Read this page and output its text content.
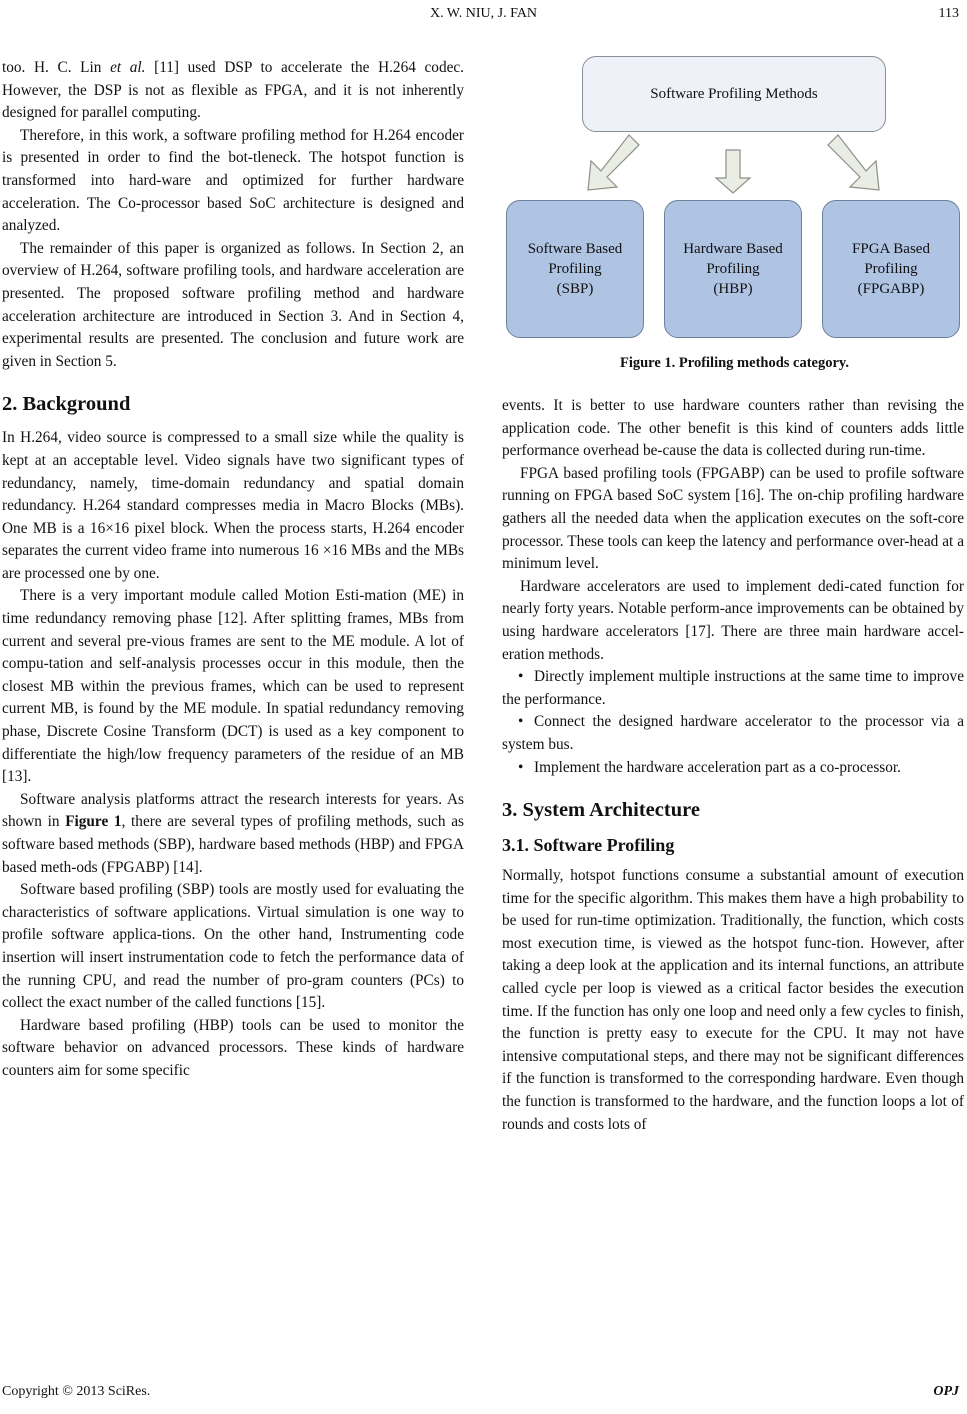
X. W. NIU, J. FAN	113

too. H. C. Lin et al. [11] used DSP to accelerate the H.264 codec. However, the DSP is not as flexible as FPGA, and it is not inherently designed for parallel computing.

Therefore, in this work, a software profiling method for H.264 encoder is presented in order to find the bot-tleneck. The hotspot function is transformed into hard-ware and optimized for further hardware acceleration. The Co-processor based SoC architecture is designed and analyzed.

The remainder of this paper is organized as follows. In Section 2, an overview of H.264, software profiling tools, and hardware acceleration are presented. The proposed software profiling method and hardware acceleration architecture are introduced in Section 3. And in Section 4, experimental results are presented. The conclusion and future work are given in Section 5.

2. Background

In H.264, video source is compressed to a small size while the quality is kept at an acceptable level. Video signals have two significant types of redundancy, namely, time-domain redundancy and spatial domain redundancy. H.264 standard compresses media in Macro Blocks (MBs). One MB is a 16×16 pixel block. When the process starts, H.264 encoder separates the current video frame into numerous 16 ×16 MBs and the MBs are processed one by one.

There is a very important module called Motion Esti-mation (ME) in time redundancy removing phase [12]. After splitting frames, MBs from current and several pre-vious frames are sent to the ME module. A lot of compu-tation and self-analysis processes occur in this module, then the closest MB within the previous frames, which can be used to represent current MB, is found by the ME module. In spatial redundancy removing phase, Discrete Cosine Transform (DCT) is used as a key component to differentiate the high/low frequency parameters of the residue of an MB [13].

Software analysis platforms attract the research interests for years. As shown in Figure 1, there are several types of profiling methods, such as software based methods (SBP), hardware based methods (HBP) and FPGA based meth-ods (FPGABP) [14].

Software based profiling (SBP) tools are mostly used for evaluating the characteristics of software applications. Virtual simulation is one way to profile software applica-tions. On the other hand, Instrumenting code insertion will insert instrumentation code to fetch the performance data of the running CPU, and read the number of pro-gram counters (PCs) to collect the exact number of the called functions [15].

Hardware based profiling (HBP) tools can be used to monitor the software behavior on advanced processors. These kinds of hardware counters aim for some specific

Software Profiling Methods
Software Based
Profiling
(SBP)
Hardware Based
Profiling
(HBP)
FPGA Based
Profiling
(FPGABP)
Figure 1. Profiling methods category.

events. It is better to use hardware counters rather than revising the application code. The other benefit is this kind of counters adds little performance overhead be-cause the data is collected during run-time.

FPGA based profiling tools (FPGABP) can be used to profile software running on FPGA based SoC system [16]. The on-chip profiling hardware gathers all the needed data when the application executes on the soft-core processor. These tools can keep the latency and performance over-head at a minimum level.

Hardware accelerators are used to implement dedi-cated function for nearly forty years. Notable perform-ance improvements can be obtained by using hardware accelerators [17]. There are three main hardware accel-eration methods.

• Directly implement multiple instructions at the same time to improve the performance.

• Connect the designed hardware accelerator to the processor via a system bus.

• Implement the hardware acceleration part as a co-processor.

3. System Architecture
3.1. Software Profiling

Normally, hotspot functions consume a substantial amount of execution time for the specific algorithm. This makes them have a high probability to be used for run-time optimization. Traditionally, the function, which costs most execution time, is viewed as the hotspot func-tion. However, after taking a deep look at the application and its internal functions, an attribute called cycle per loop is viewed as a critical factor besides the execution time. If the function has only one loop and need only a few cycles to finish, the function is pretty easy to execute for the CPU. It may not have intensive computational steps, and there may not be significant differences if the function is transformed to the corresponding hardware. Even though the function is transformed to the hardware, and the function loops a lot of rounds and costs lots of

Copyright © 2013 SciRes.	OPJ
